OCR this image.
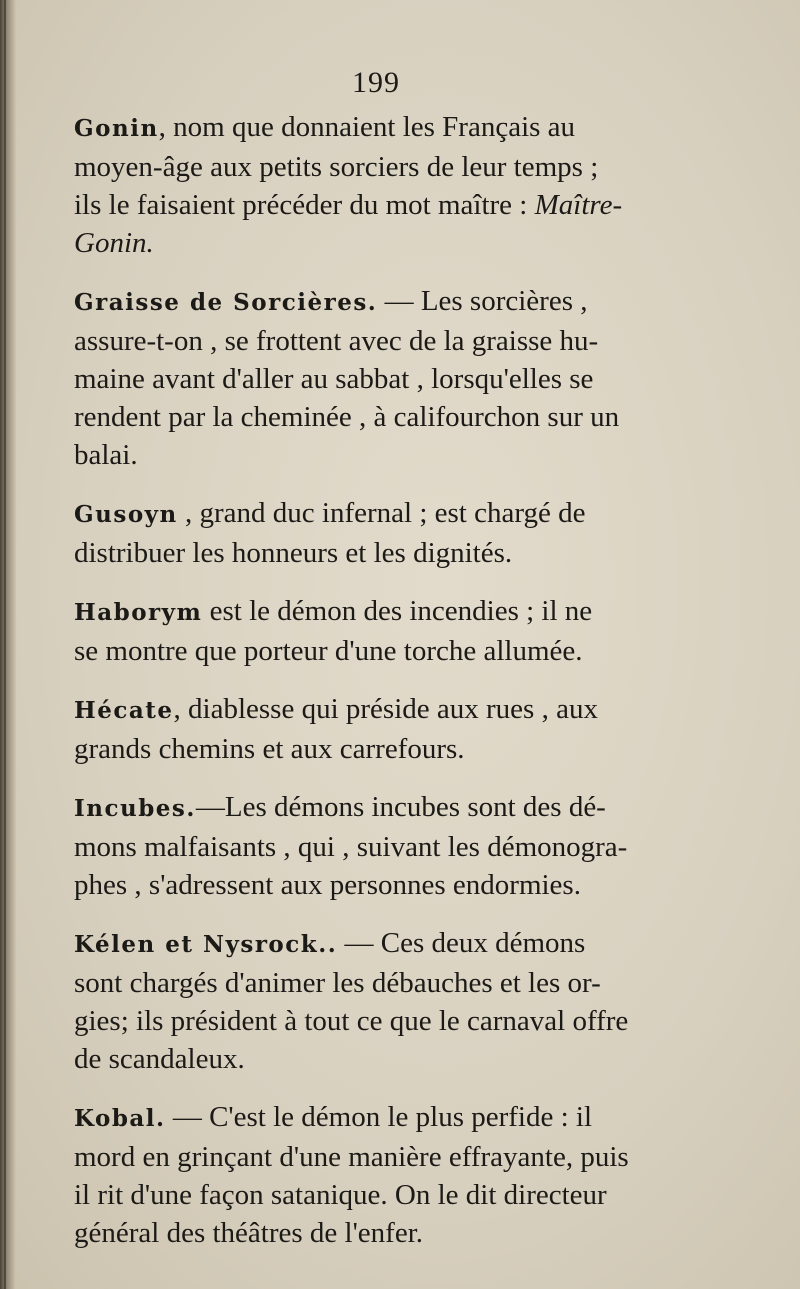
199
Gonin, nom que donnaient les Français au
moyen-âge aux petits sorciers de leur temps ;
ils le faisaient précéder du mot maître : Maître-
Gonin.
Graisse de Sorcières. — Les sorcières ,
assure-t-on , se frottent avec de la graisse hu-
maine avant d'aller au sabbat , lorsqu'elles se
rendent par la cheminée , à califourchon sur un
balai.
Gusoyn , grand duc infernal ; est chargé de
distribuer les honneurs et les dignités.
Haborym est le démon des incendies ; il ne
se montre que porteur d'une torche allumée.
Hécate, diablesse qui préside aux rues , aux
grands chemins et aux carrefours.
Incubes.—Les démons incubes sont des dé-
mons malfaisants , qui , suivant les démonogra-
phes , s'adressent aux personnes endormies.
Kélen et Nysrock.. — Ces deux démons
sont chargés d'animer les débauches et les or-
gies; ils président à tout ce que le carnaval offre
de scandaleux.
Kobal. — C'est le démon le plus perfide : il
mord en grinçant d'une manière effrayante, puis
il rit d'une façon satanique. On le dit directeur
général des théâtres de l'enfer.
